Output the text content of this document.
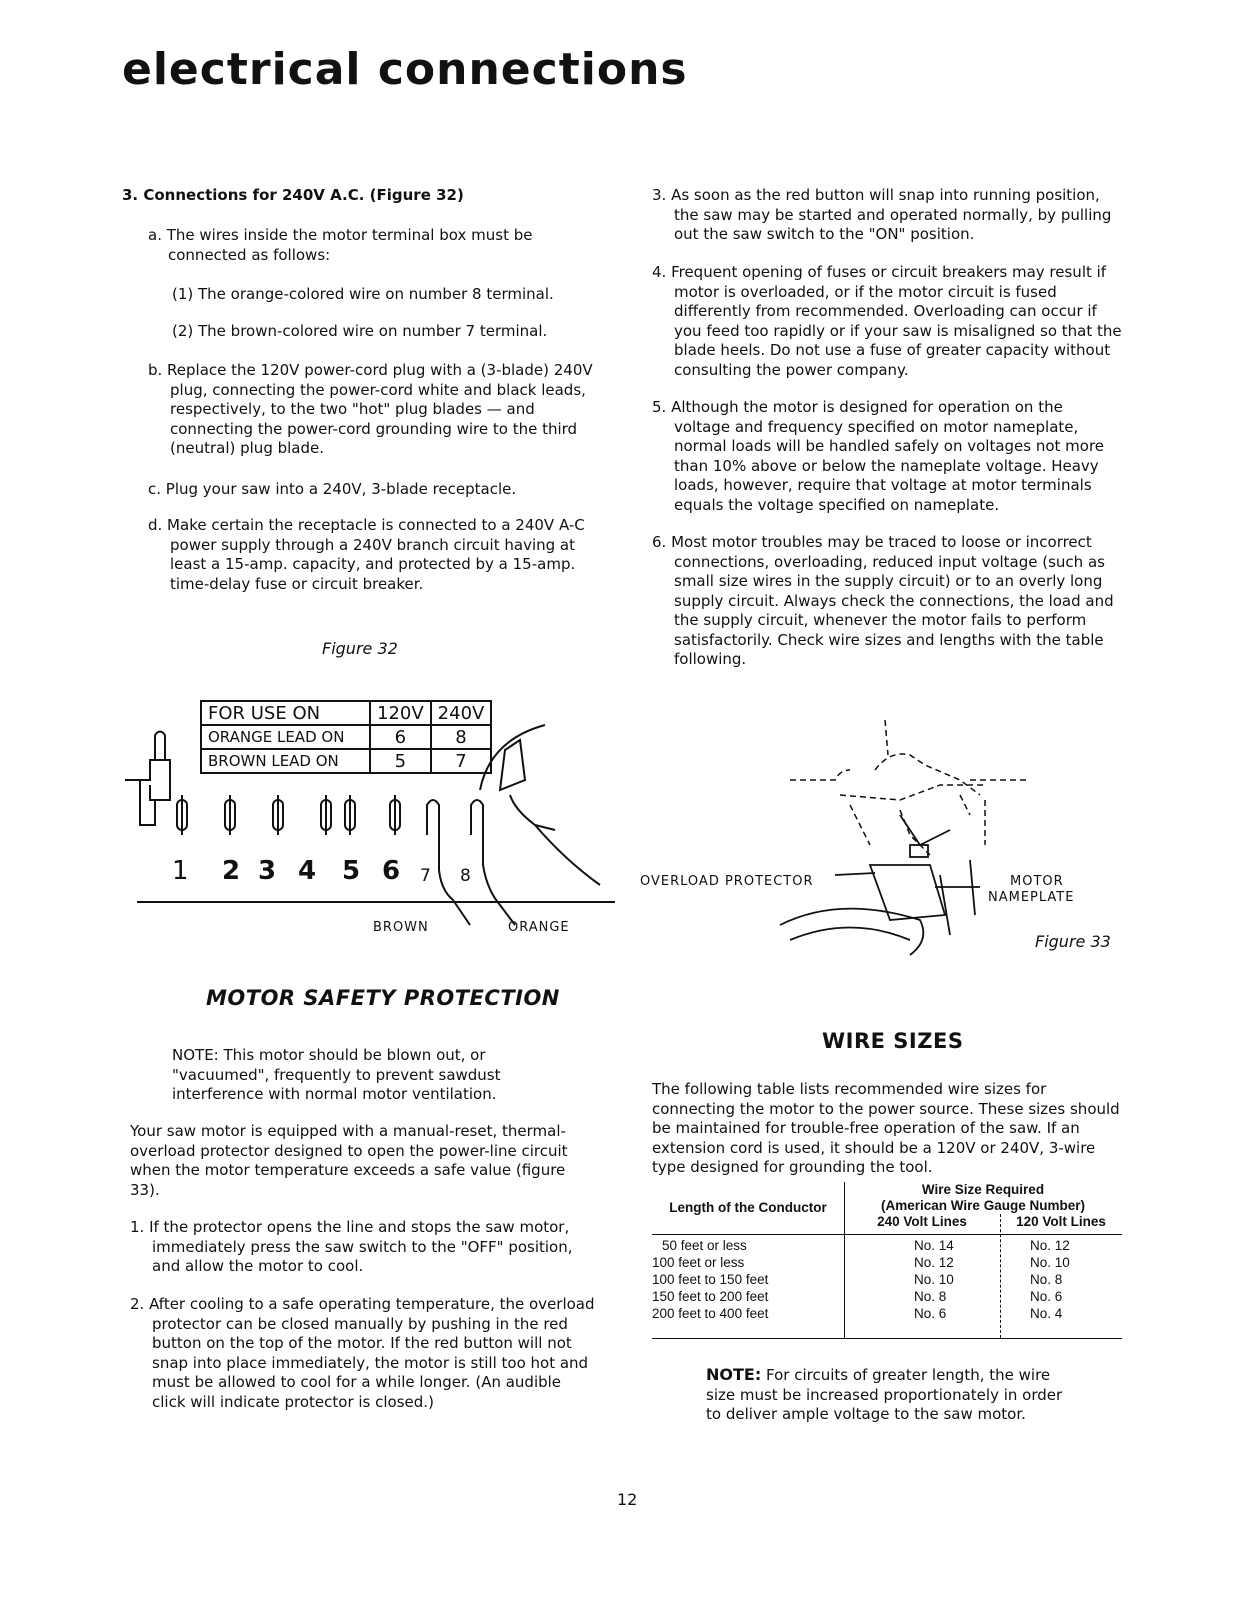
electrical connections
3. Connections for 240V A.C. (Figure 32)

a. The wires inside the motor terminal box must be connected as follows:

(1) The orange-colored wire on number 8 terminal.

(2) The brown-colored wire on number 7 terminal.

b. Replace the 120V power-cord plug with a (3-blade) 240V plug, connecting the power-cord white and black leads, respectively, to the two "hot" plug blades — and connecting the power-cord grounding wire to the third (neutral) plug blade.

c. Plug your saw into a 240V, 3-blade receptacle.

d. Make certain the receptacle is connected to a 240V A-C power supply through a 240V branch circuit having at least a 15-amp. capacity, and protected by a 15-amp. time-delay fuse or circuit breaker.

Figure 32
FOR USE ON	120V	240V
ORANGE LEAD ON	6	8
BROWN LEAD ON	5	7
1 2 3 4 5 6 7 8
BROWN	ORANGE

3. As soon as the red button will snap into running position, the saw may be started and operated normally, by pulling out the saw switch to the "ON" position.

4. Frequent opening of fuses or circuit breakers may result if motor is overloaded, or if the motor circuit is fused differently from recommended. Overloading can occur if you feed too rapidly or if your saw is misaligned so that the blade heels. Do not use a fuse of greater capacity without consulting the power company.

5. Although the motor is designed for operation on the voltage and frequency specified on motor nameplate, normal loads will be handled safely on voltages not more than 10% above or below the nameplate voltage. Heavy loads, however, require that voltage at motor terminals equals the voltage specified on nameplate.

6. Most motor troubles may be traced to loose or incorrect connections, overloading, reduced input voltage (such as small size wires in the supply circuit) or to an overly long supply circuit. Always check the connections, the load and the supply circuit, whenever the motor fails to perform satisfactorily. Check wire sizes and lengths with the table following.

OVERLOAD PROTECTOR	MOTOR
NAMEPLATE
Figure 33
MOTOR SAFETY PROTECTION

NOTE: This motor should be blown out, or "vacuumed", frequently to prevent sawdust interference with normal motor ventilation.

Your saw motor is equipped with a manual-reset, thermal-overload protector designed to open the power-line circuit when the motor temperature exceeds a safe value (figure 33).

1. If the protector opens the line and stops the saw motor, immediately press the saw switch to the "OFF" position, and allow the motor to cool.

2. After cooling to a safe operating temperature, the overload protector can be closed manually by pushing in the red button on the top of the motor. If the red button will not snap into place immediately, the motor is still too hot and must be allowed to cool for a while longer. (An audible click will indicate protector is closed.)

WIRE SIZES

The following table lists recommended wire sizes for connecting the motor to the power source. These sizes should be maintained for trouble-free operation of the saw. If an extension cord is used, it should be a 120V or 240V, 3-wire type designed for grounding the tool.

Length of the Conductor
Wire Size Required
(American Wire Gauge Number)
240 Volt Lines	120 Volt Lines
50 feet or less	No. 14	No. 12
100 feet or less	No. 12	No. 10
100 feet to 150 feet	No. 10	No. 8
150 feet to 200 feet	No. 8	No. 6
200 feet to 400 feet	No. 6	No. 4

NOTE: For circuits of greater length, the wire size must be increased proportionately in order to deliver ample voltage to the saw motor.

12
